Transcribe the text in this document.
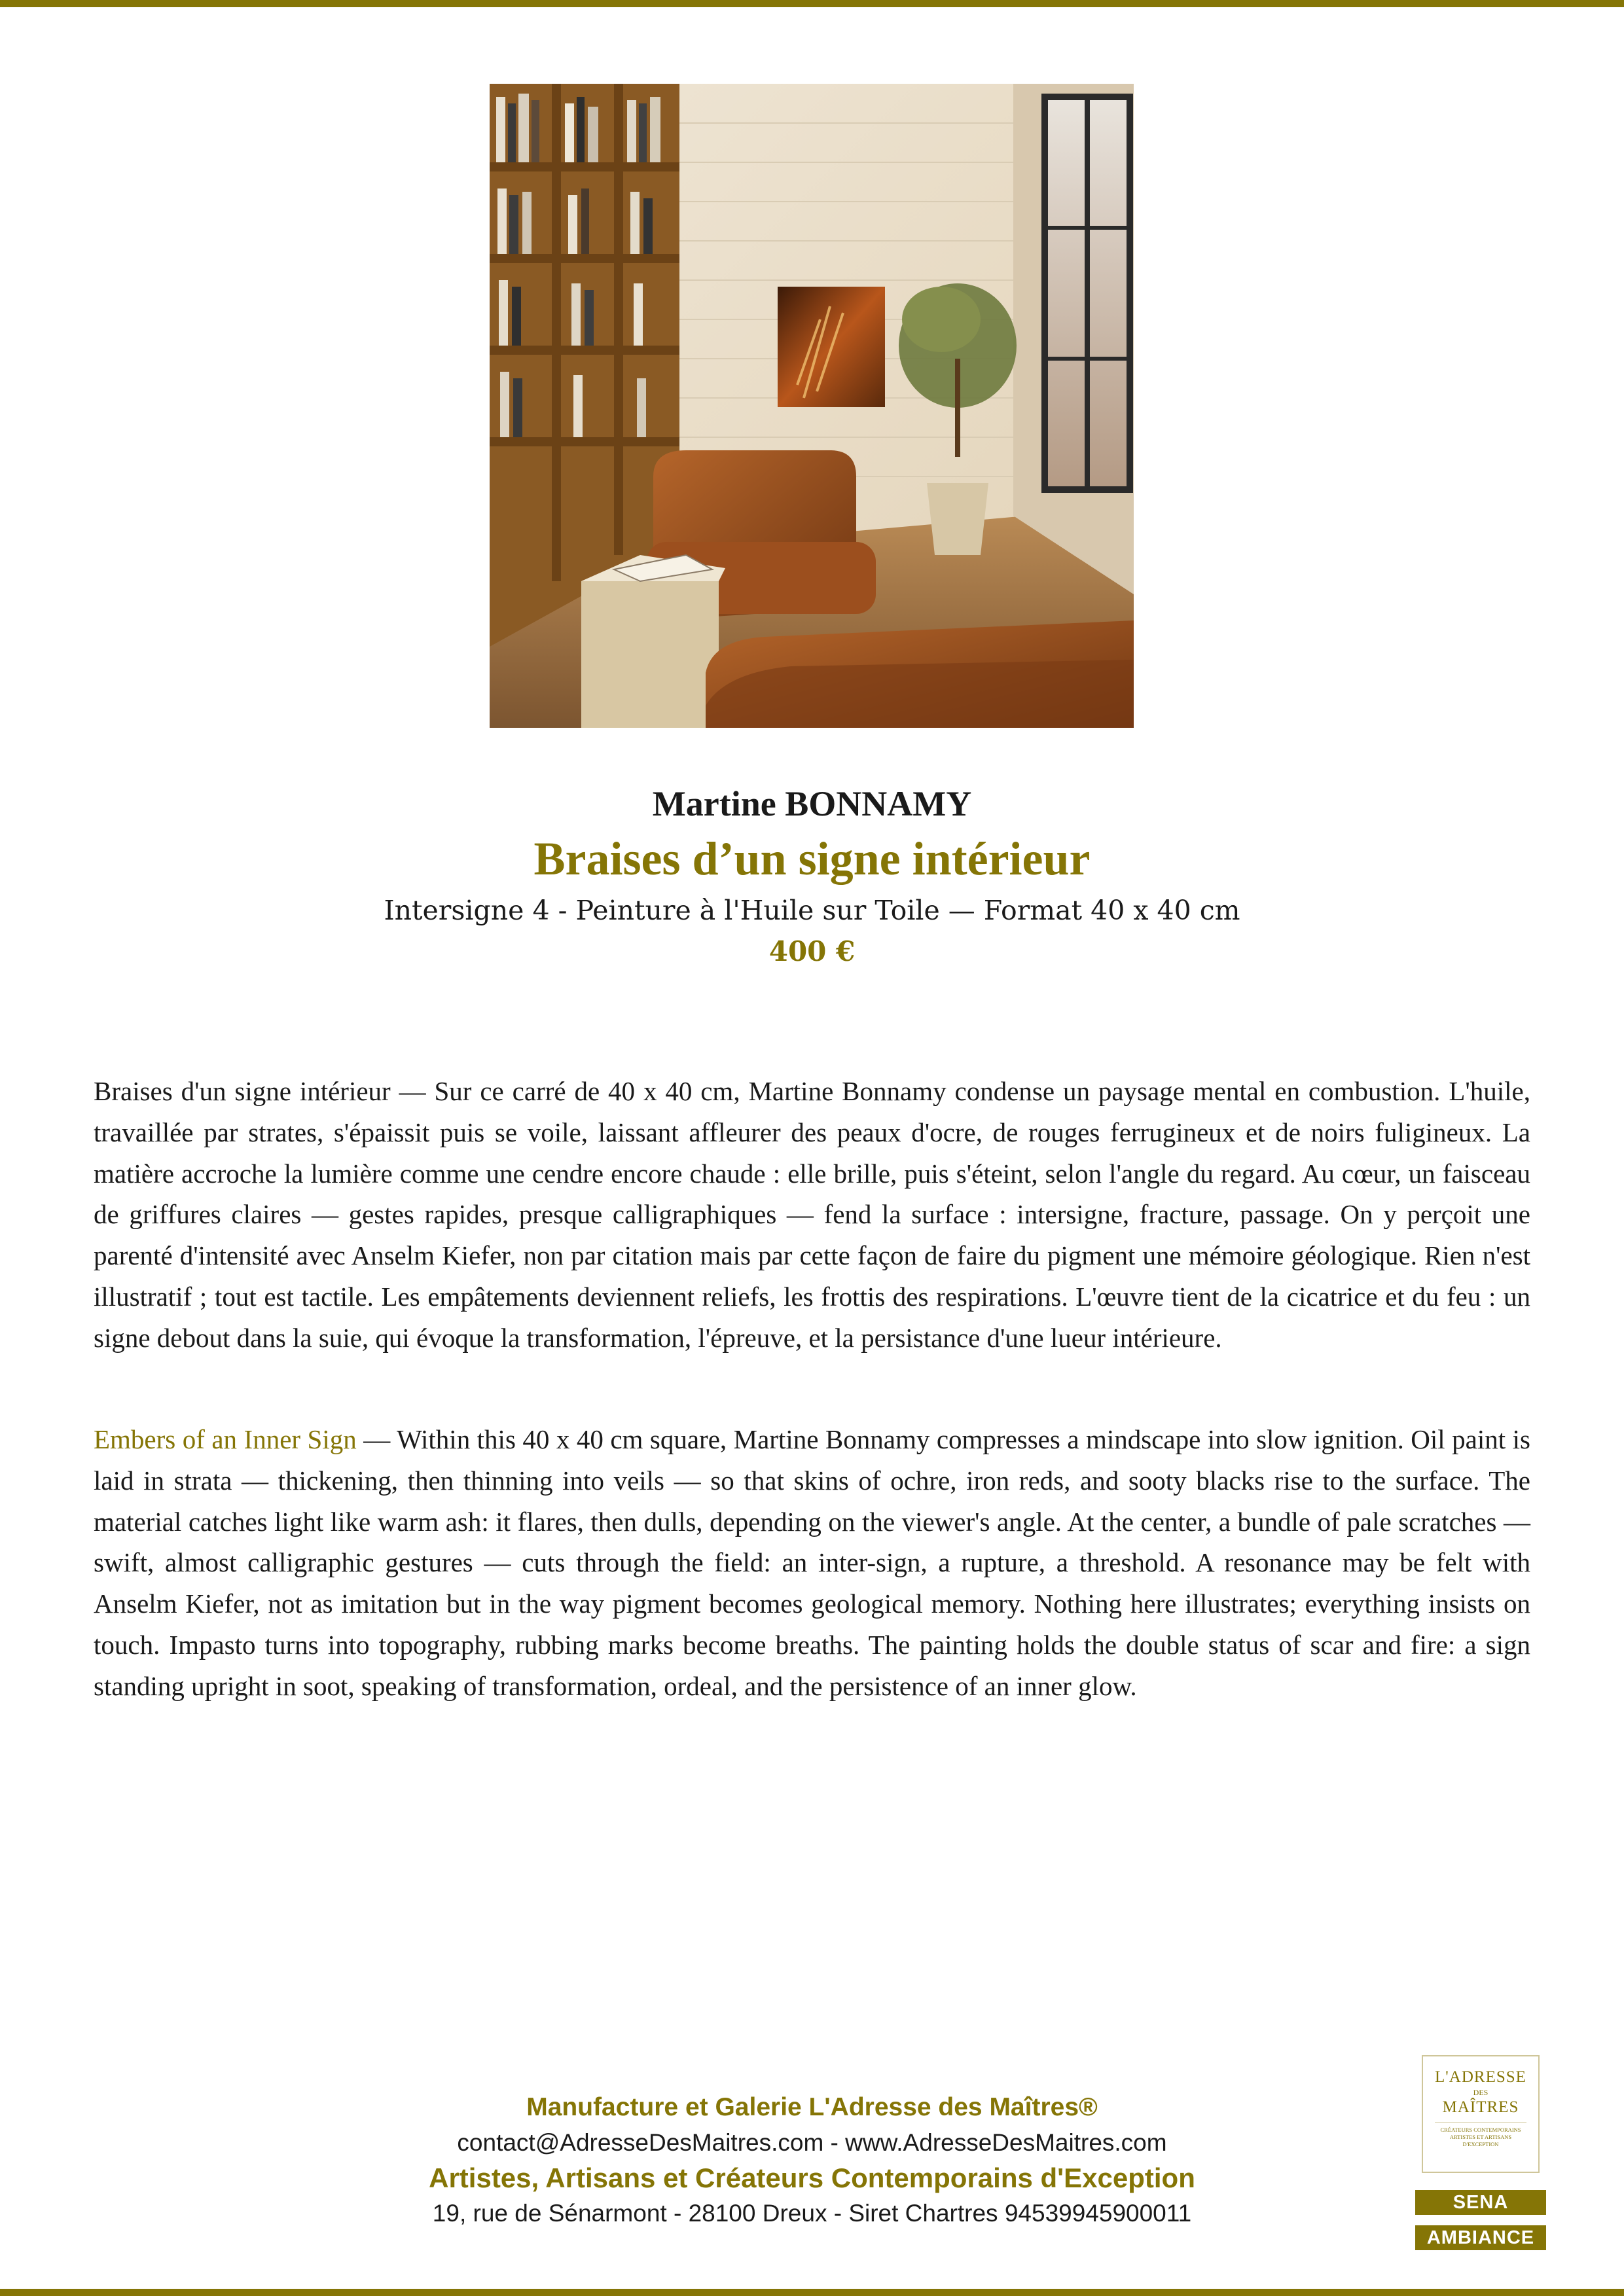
Martine BONNAMY
Braises d’un signe intérieur
Intersigne 4 - Peinture à l'Huile sur Toile — Format 40 x 40 cm
400 €

Braises d'un signe intérieur — Sur ce carré de 40 x 40 cm, Martine Bonnamy condense un paysage mental en combustion. L'huile, travaillée par strates, s'épaissit puis se voile, laissant affleurer des peaux d'ocre, de rouges ferrugineux et de noirs fuligineux. La matière accroche la lumière comme une cendre encore chaude : elle brille, puis s'éteint, selon l'angle du regard. Au cœur, un faisceau de griffures claires — gestes rapides, presque calligraphiques — fend la surface : intersigne, fracture, passage. On y perçoit une parenté d'intensité avec Anselm Kiefer, non par citation mais par cette façon de faire du pigment une mémoire géologique. Rien n'est illustratif ; tout est tactile. Les empâtements deviennent reliefs, les frottis des respirations. L'œuvre tient de la cicatrice et du feu : un signe debout dans la suie, qui évoque la transformation, l'épreuve, et la persistance d'une lueur intérieure.

Embers of an Inner Sign — Within this 40 x 40 cm square, Martine Bonnamy compresses a mindscape into slow ignition. Oil paint is laid in strata — thickening, then thinning into veils — so that skins of ochre, iron reds, and sooty blacks rise to the surface. The material catches light like warm ash: it flares, then dulls, depending on the viewer's angle. At the center, a bundle of pale scratches — swift, almost calligraphic gestures — cuts through the field: an inter-sign, a rupture, a threshold. A resonance may be felt with Anselm Kiefer, not as imitation but in the way pigment becomes geological memory. Nothing here illustrates; everything insists on touch. Impasto turns into topography, rubbing marks become breaths. The painting holds the double status of scar and fire: a sign standing upright in soot, speaking of transformation, ordeal, and the persistence of an inner glow.

Manufacture et Galerie L'Adresse des Maîtres®
contact@AdresseDesMaitres.com - www.AdresseDesMaitres.com
Artistes, Artisans et Créateurs Contemporains d'Exception
19, rue de Sénarmont - 28100 Dreux - Siret Chartres 94539945900011
L'ADRESSE
DES
MAÎTRES
CRÉATEURS CONTEMPORAINS ARTISTES ET ARTISANS D'EXCEPTION
SENA
AMBIANCE
